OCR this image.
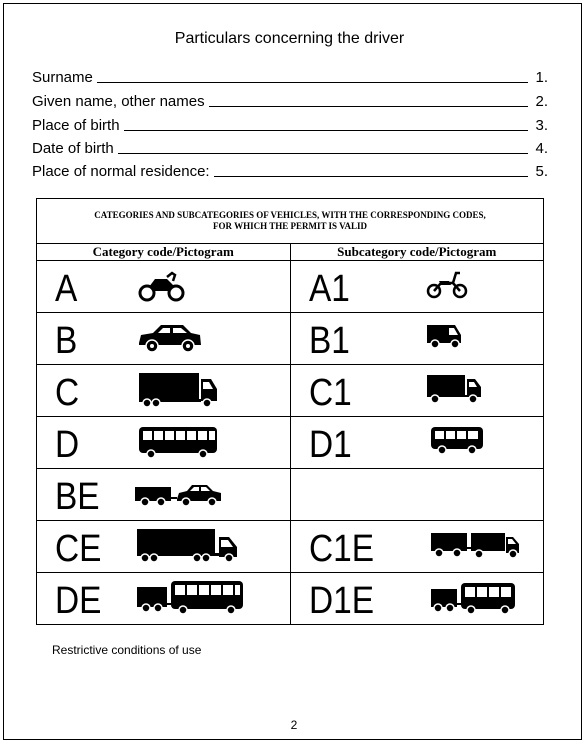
Particulars concerning the driver
Surname	1.
Given name, other names	2.
Place of birth	3.
Date of birth	4.
Place of normal residence:	5.
CATEGORIES AND SUBCATEGORIES OF VEHICLES, WITH THE CORRESPONDING CODES,
FOR WHICH THE PERMIT IS VALID	

Category code/Pictogram	Subcategory code/Pictogram

A	A1

B	B1

C	C1

D	D1

BE	

CE	C1E

DE	D1E
Restrictive conditions of use
2
